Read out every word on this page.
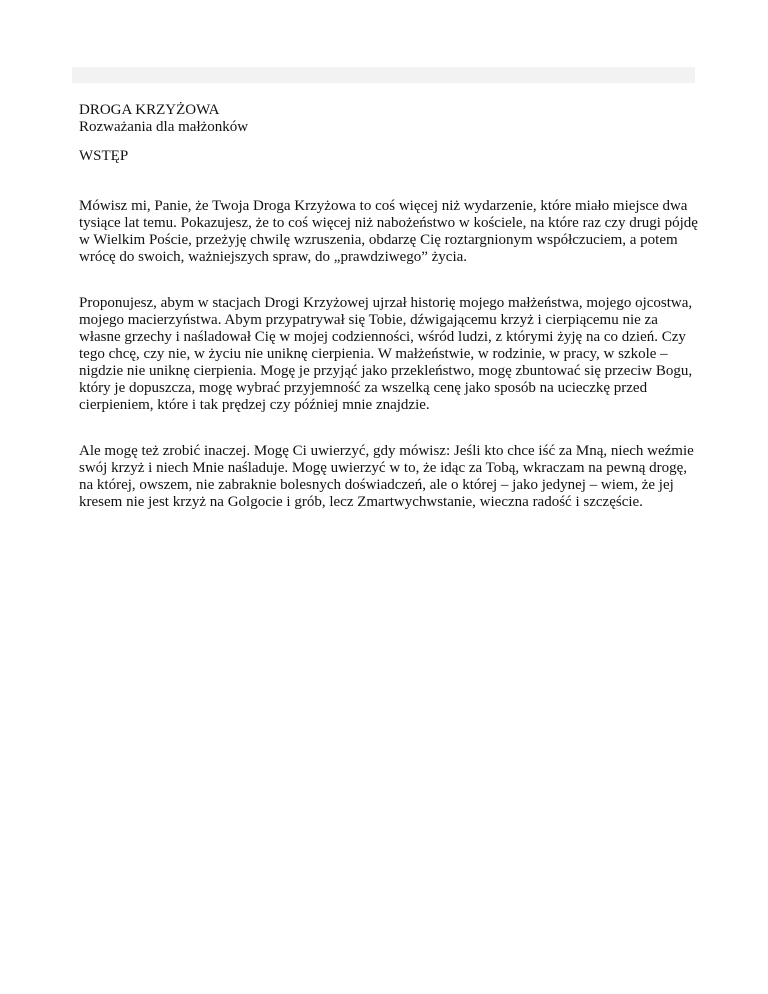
DROGA KRZYŻOWA
Rozważania dla małżonków
WSTĘP

Mówisz mi, Panie, że Twoja Droga Krzyżowa to coś więcej niż wydarzenie, które miało miejsce dwa tysiące lat temu. Pokazujesz, że to coś więcej niż nabożeństwo w kościele, na które raz czy drugi pójdę w Wielkim Poście, przeżyję chwilę wzruszenia, obdarzę Cię roztargnionym współczuciem, a potem wrócę do swoich, ważniejszych spraw, do „prawdziwego” życia.

Proponujesz, abym w stacjach Drogi Krzyżowej ujrzał historię mojego małżeństwa, mojego ojcostwa, mojego macierzyństwa. Abym przypatrywał się Tobie, dźwigającemu krzyż i cierpiącemu nie za własne grzechy i naśladował Cię w mojej codzienności, wśród ludzi, z którymi żyję na co dzień. Czy tego chcę, czy nie, w życiu nie uniknę cierpienia. W małżeństwie, w rodzinie, w pracy, w szkole – nigdzie nie uniknę cierpienia. Mogę je przyjąć jako przekleństwo, mogę zbuntować się przeciw Bogu, który je dopuszcza, mogę wybrać przyjemność za wszelką cenę jako sposób na ucieczkę przed cierpieniem, które i tak prędzej czy później mnie znajdzie.

Ale mogę też zrobić inaczej. Mogę Ci uwierzyć, gdy mówisz: Jeśli kto chce iść za Mną, niech weźmie swój krzyż i niech Mnie naśladuje. Mogę uwierzyć w to, że idąc za Tobą, wkraczam na pewną drogę, na której, owszem, nie zabraknie bolesnych doświadczeń, ale o której – jako jedynej – wiem, że jej kresem nie jest krzyż na Golgocie i grób, lecz Zmartwychwstanie, wieczna radość i szczęście.
